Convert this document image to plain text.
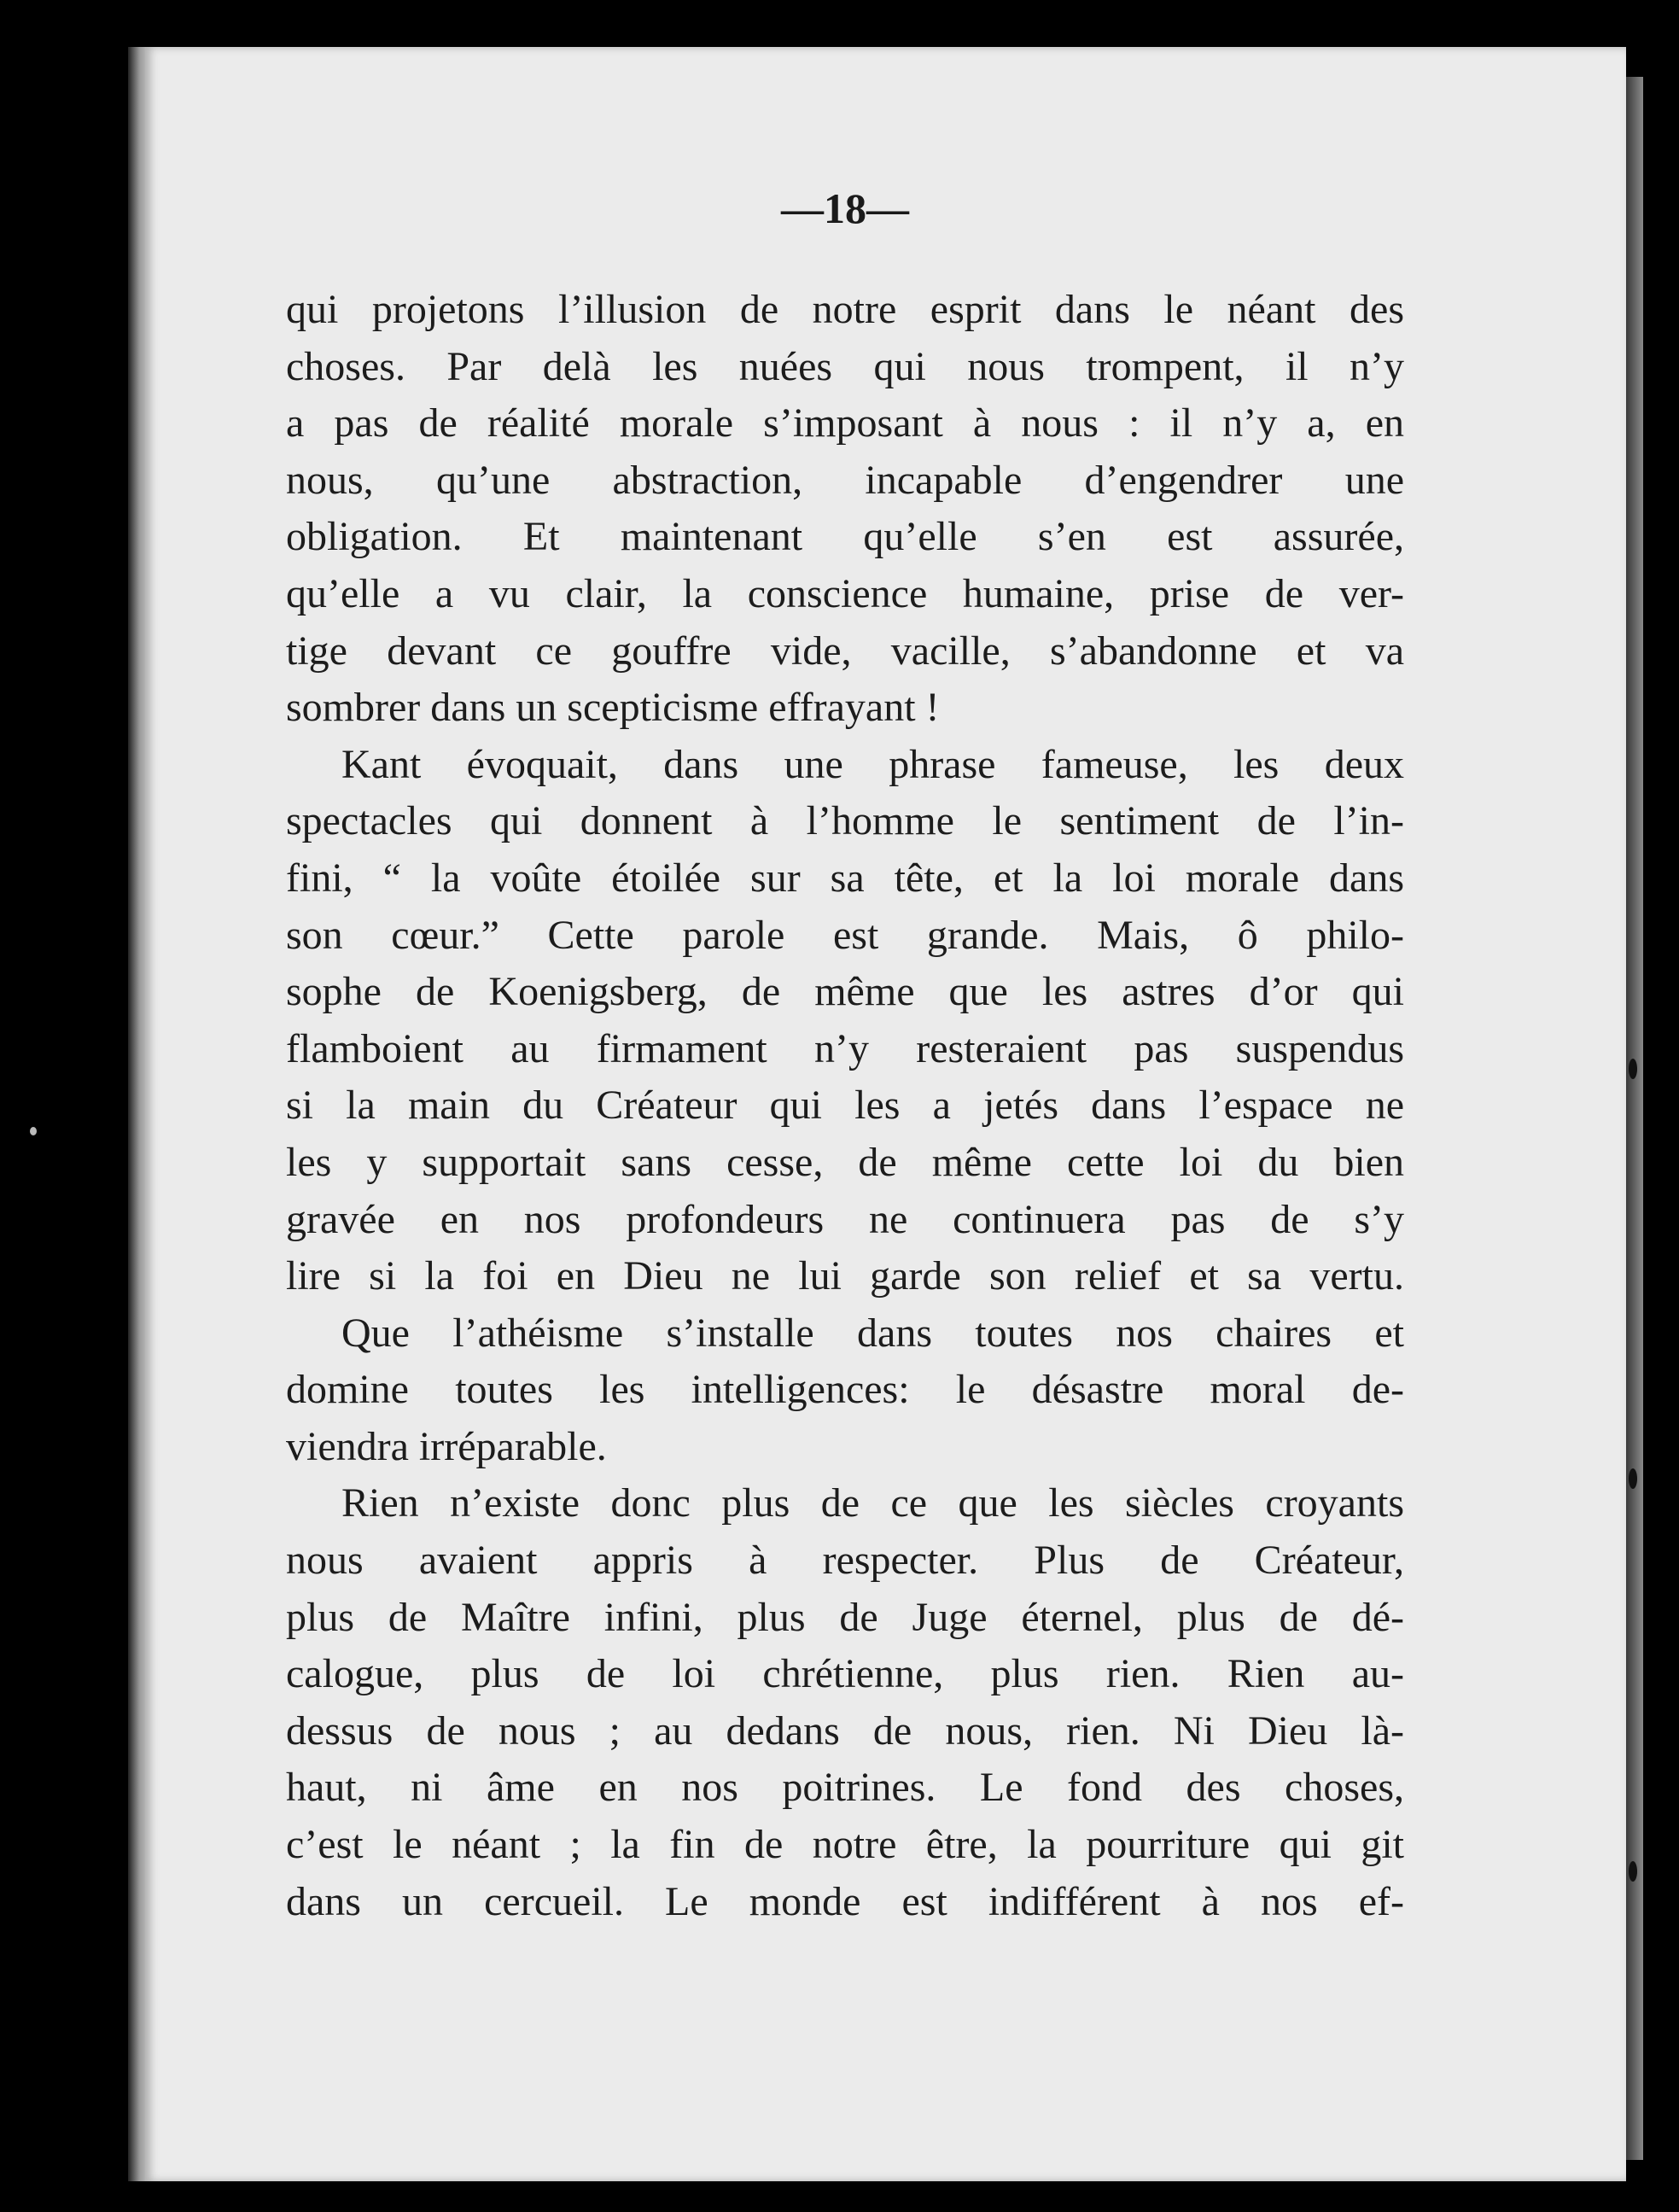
—18—
qui projetons l’illusion de notre esprit dans le néant des
choses. Par delà les nuées qui nous trompent, il n’y
a pas de réalité morale s’imposant à nous : il n’y a, en
nous, qu’une abstraction, incapable d’engendrer une
obligation. Et maintenant qu’elle s’en est assurée,
qu’elle a vu clair, la conscience humaine, prise de ver-
tige devant ce gouffre vide, vacille, s’abandonne et va
sombrer dans un scepticisme effrayant !
Kant évoquait, dans une phrase fameuse, les deux
spectacles qui donnent à l’homme le sentiment de l’in-
fini, “ la voûte étoilée sur sa tête, et la loi morale dans
son cœur.” Cette parole est grande. Mais, ô philo-
sophe de Koenigsberg, de même que les astres d’or qui
flamboient au firmament n’y resteraient pas suspendus
si la main du Créateur qui les a jetés dans l’espace ne
les y supportait sans cesse, de même cette loi du bien
gravée en nos profondeurs ne continuera pas de s’y
lire si la foi en Dieu ne lui garde son relief et sa vertu.
Que l’athéisme s’installe dans toutes nos chaires et
domine toutes les intelligences: le désastre moral de-
viendra irréparable.
Rien n’existe donc plus de ce que les siècles croyants
nous avaient appris à respecter. Plus de Créateur,
plus de Maître infini, plus de Juge éternel, plus de dé-
calogue, plus de loi chrétienne, plus rien. Rien au-
dessus de nous ; au dedans de nous, rien. Ni Dieu là-
haut, ni âme en nos poitrines. Le fond des choses,
c’est le néant ; la fin de notre être, la pourriture qui git
dans un cercueil. Le monde est indifférent à nos ef-
